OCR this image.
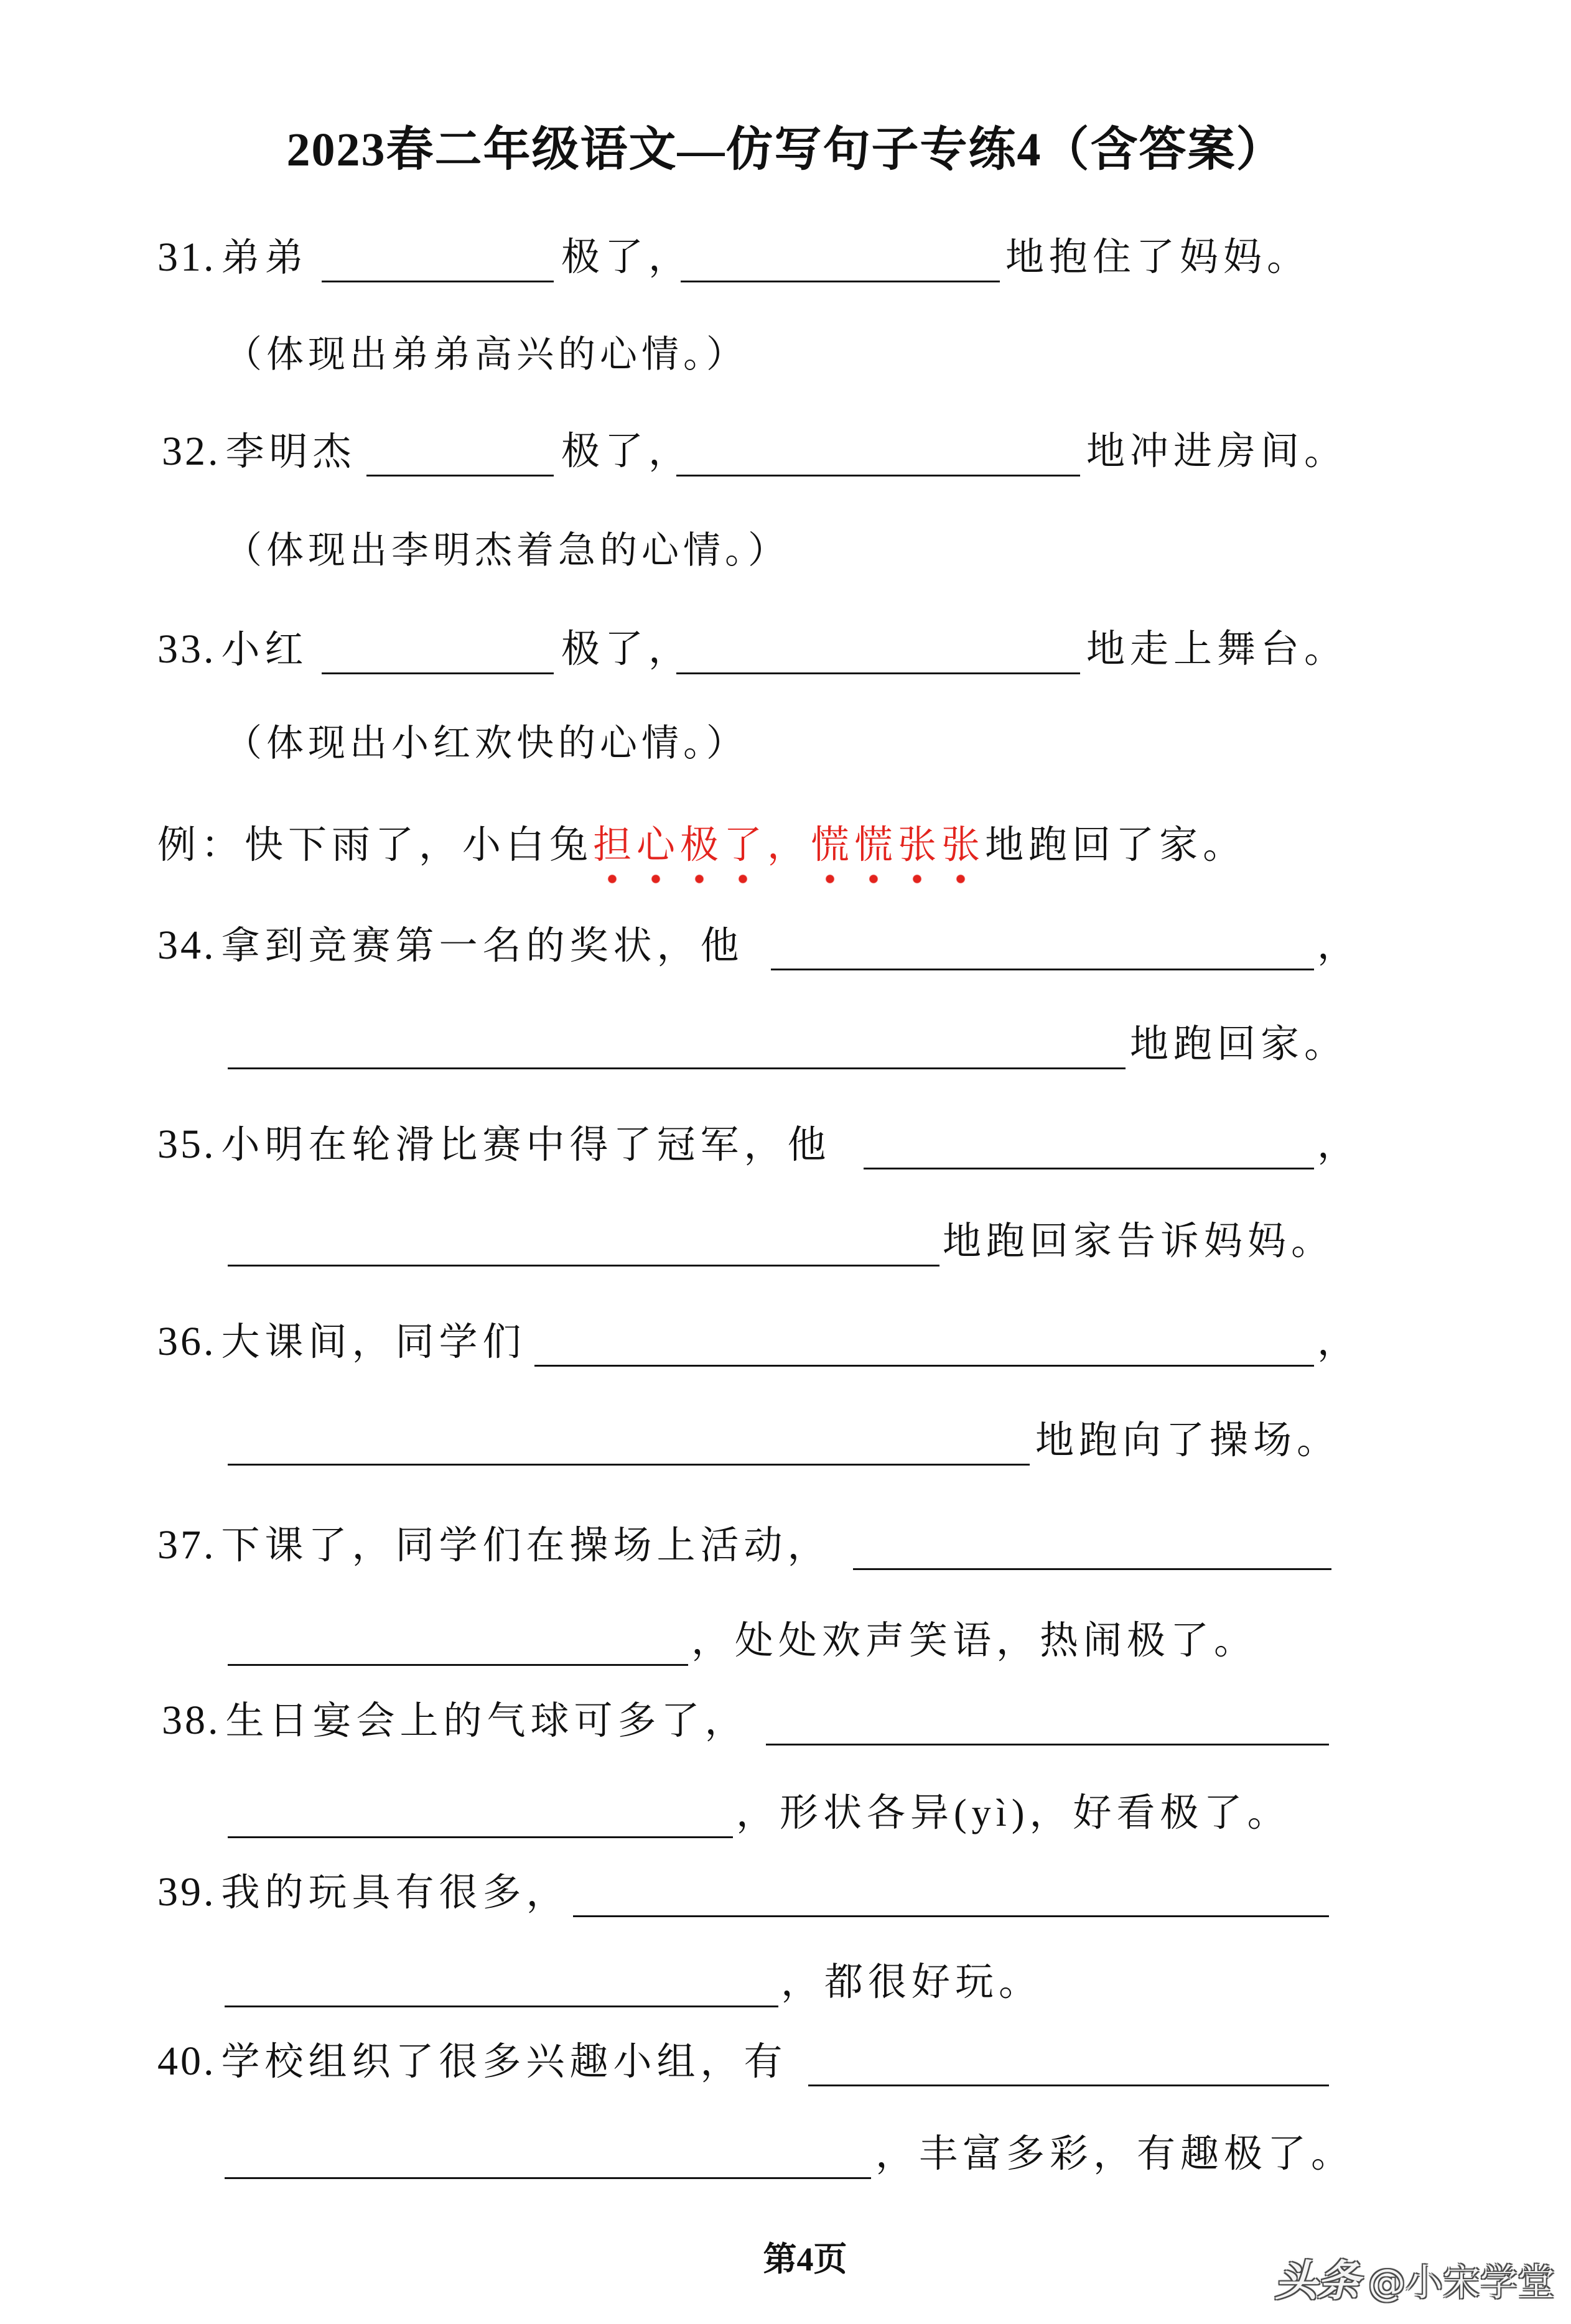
2023春二年级语文—仿写句子专练4（含答案）
31. 弟弟	极了，	地抱住了妈妈。
（体现出弟弟高兴的心情。）
32. 李明杰	极了，	地冲进房间。
（体现出李明杰着急的心情。）
33. 小红	极了，	地走上舞台。
（体现出小红欢快的心情。）
例：快下雨了，小白兔担心极了，慌慌张张地跑回了家。
34. 拿到竞赛第一名的奖状，他	，
地跑回家。
35. 小明在轮滑比赛中得了冠军，他	，
地跑回家告诉妈妈。
36. 大课间，同学们	，
地跑向了操场。
37. 下课了，同学们在操场上活动，
，处处欢声笑语，热闹极了。
38. 生日宴会上的气球可多了，
，形状各异(yì)，好看极了。
39. 我的玩具有很多，
，都很好玩。
40. 学校组织了很多兴趣小组，有
，丰富多彩，有趣极了。
第4页	头条 @小宋学堂
